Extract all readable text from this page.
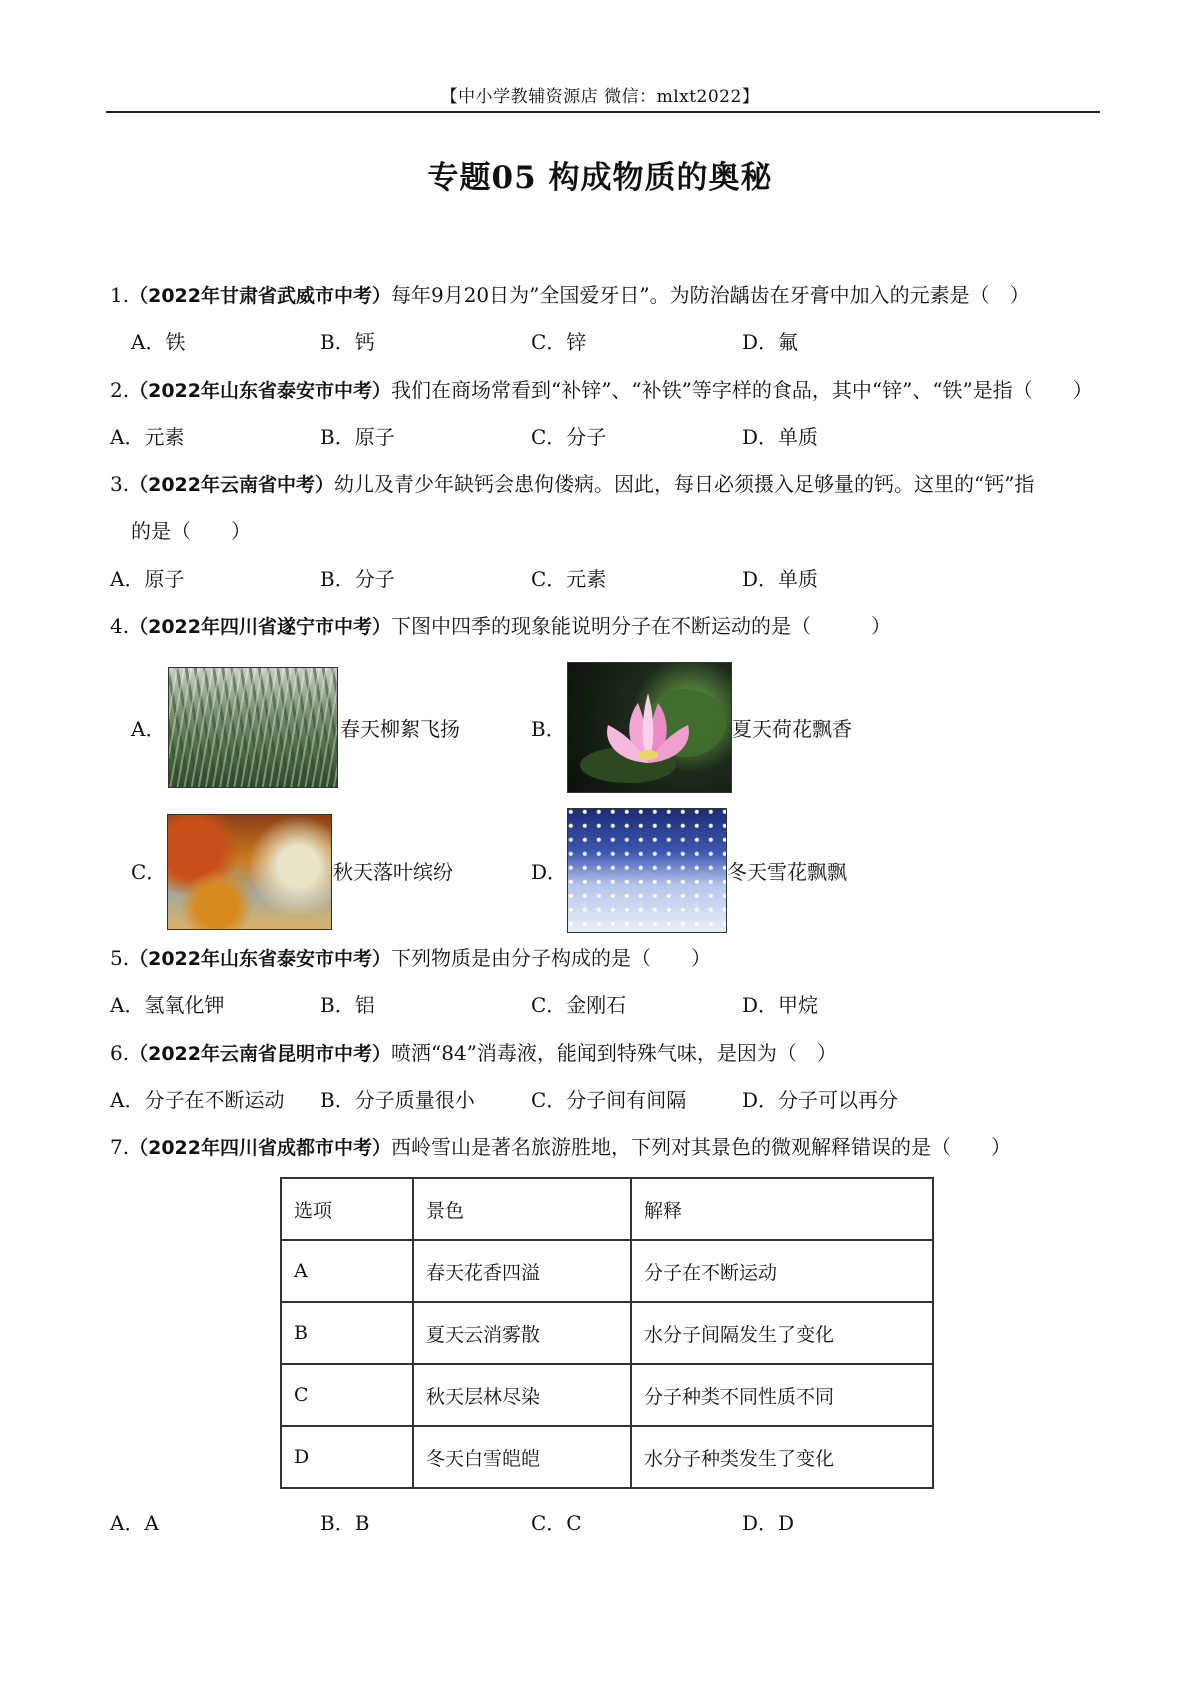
【中小学教辅资源店 微信：mlxt2022】
专题05 构成物质的奥秘
1.（2022年甘肃省武威市中考）每年9月20日为”全国爱牙日”。为防治龋齿在牙膏中加入的元素是（　）
A．铁	B．钙	C．锌	D．氟
2.（2022年山东省泰安市中考）我们在商场常看到“补锌”、“补铁”等字样的食品，其中“锌”、“铁”是指（　　）
A．元素	B．原子	C．分子	D．单质
3.（2022年云南省中考）幼儿及青少年缺钙会患佝偻病。因此，每日必须摄入足够量的钙。这里的“钙”指
的是（　　）
A．原子	B．分子	C．元素	D．单质
4.（2022年四川省遂宁市中考）下图中四季的现象能说明分子在不断运动的是（　　　）
A．	春天柳絮飞扬	B．	夏天荷花飘香
C．	秋天落叶缤纷	D．	冬天雪花飘飘
5.（2022年山东省泰安市中考）下列物质是由分子构成的是（　　）
A．氢氧化钾	B．铝	C．金刚石	D．甲烷
6.（2022年云南省昆明市中考）喷洒“84”消毒液，能闻到特殊气味，是因为（　）
A．分子在不断运动 B．分子质量很小	C．分子间有间隔	D．分子可以再分
7.（2022年四川省成都市中考）西岭雪山是著名旅游胜地，下列对其景色的微观解释错误的是（　　）
选项	景色	解释
A	春天花香四溢	分子在不断运动
B	夏天云消雾散	水分子间隔发生了变化
C	秋天层林尽染	分子种类不同性质不同
D	冬天白雪皑皑	水分子种类发生了变化
A．A	B．B	C．C	D．D
